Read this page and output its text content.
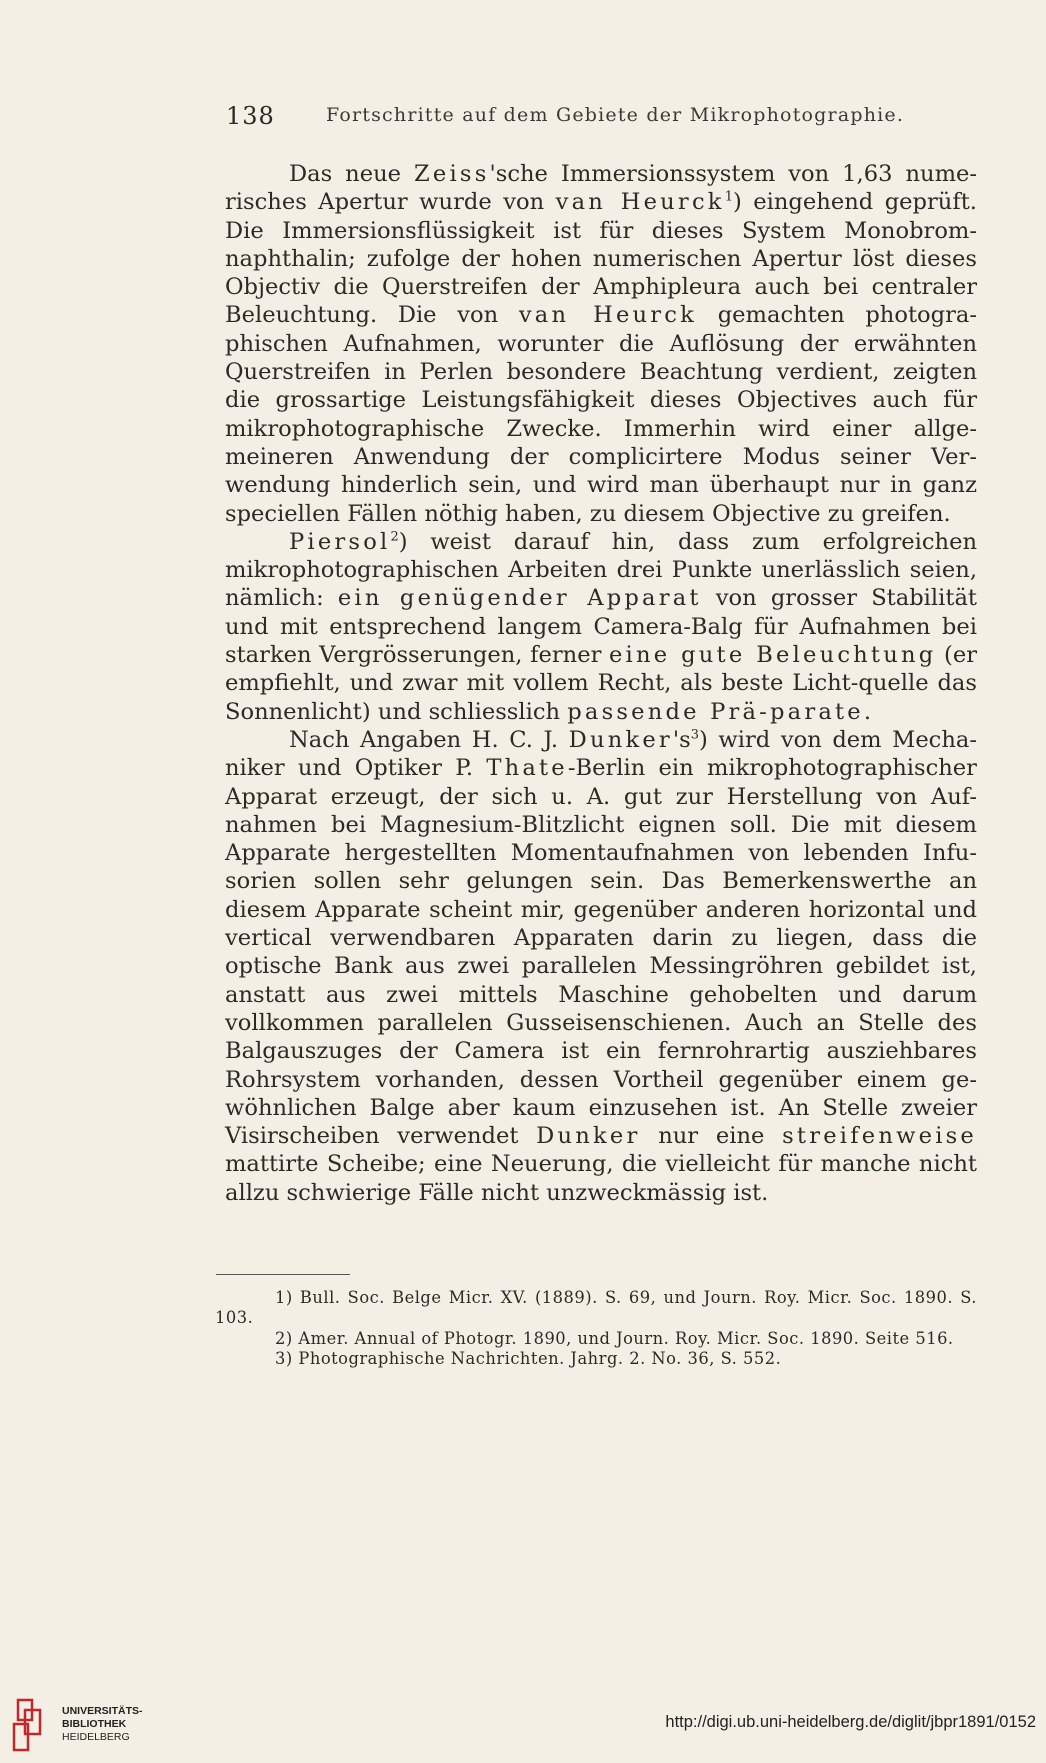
138	Fortschritte auf dem Gebiete der Mikrophotographie.

Das neue Zeiss'sche Immersionssystem von 1,63 nume-risches Apertur wurde von van Heurck$^1$) eingehend geprüft. Die Immersionsflüssigkeit ist für dieses System Monobrom-naphthalin; zufolge der hohen numerischen Apertur löst dieses Objectiv die Querstreifen der Amphipleura auch bei centraler Beleuchtung. Die von van Heurck gemachten photogra-phischen Aufnahmen, worunter die Auflösung der erwähnten Querstreifen in Perlen besondere Beachtung verdient, zeigten die grossartige Leistungsfähigkeit dieses Objectives auch für mikrophotographische Zwecke. Immerhin wird einer allge-meineren Anwendung der complicirtere Modus seiner Ver-wendung hinderlich sein, und wird man überhaupt nur in ganz speciellen Fällen nöthig haben, zu diesem Objective zu greifen.

Piersol$^2$) weist darauf hin, dass zum erfolgreichen mikrophotographischen Arbeiten drei Punkte unerlässlich seien, nämlich: ein genügender Apparat von grosser Stabilität und mit entsprechend langem Camera-Balg für Aufnahmen bei starken Vergrösserungen, ferner eine gute Beleuchtung (er empfiehlt, und zwar mit vollem Recht, als beste Licht-quelle das Sonnenlicht) und schliesslich passende Prä-parate.

Nach Angaben H. C. J. $Dunker's^3$) wird von dem Mecha-niker und Optiker P. Thate-Berlin ein mikrophotographischer Apparat erzeugt, der sich u. A. gut zur Herstellung von Auf-nahmen bei Magnesium-Blitzlicht eignen soll. Die mit diesem Apparate hergestellten Momentaufnahmen von lebenden Infu-sorien sollen sehr gelungen sein. Das Bemerkenswerthe an diesem Apparate scheint mir, gegenüber anderen horizontal und vertical verwendbaren Apparaten darin zu liegen, dass die optische Bank aus zwei parallelen Messingröhren gebildet ist, anstatt aus zwei mittels Maschine gehobelten und darum vollkommen parallelen Gusseisenschienen. Auch an Stelle des Balgauszuges der Camera ist ein fernrohrartig ausziehbares Rohrsystem vorhanden, dessen Vortheil gegenüber einem ge-wöhnlichen Balge aber kaum einzusehen ist. An Stelle zweier Visirscheiben verwendet Dunker nur eine streifenweise mattirte Scheibe; eine Neuerung, die vielleicht für manche nicht allzu schwierige Fälle nicht unzweckmässig ist.

1) Bull. Soc. Belge Micr. XV. (1889). S. 69, und Journ. Roy. Micr. Soc. 1890. S. 103.

2) Amer. Annual of Photogr. 1890, und Journ. Roy. Micr. Soc. 1890. Seite 516.

3) Photographische Nachrichten. Jahrg. 2. No. 36, S. 552.

UNIVERSITÄTS-
BIBLIOTHEK
HEIDELBERG
http://digi.ub.uni-heidelberg.de/diglit/jbpr1891/0152
